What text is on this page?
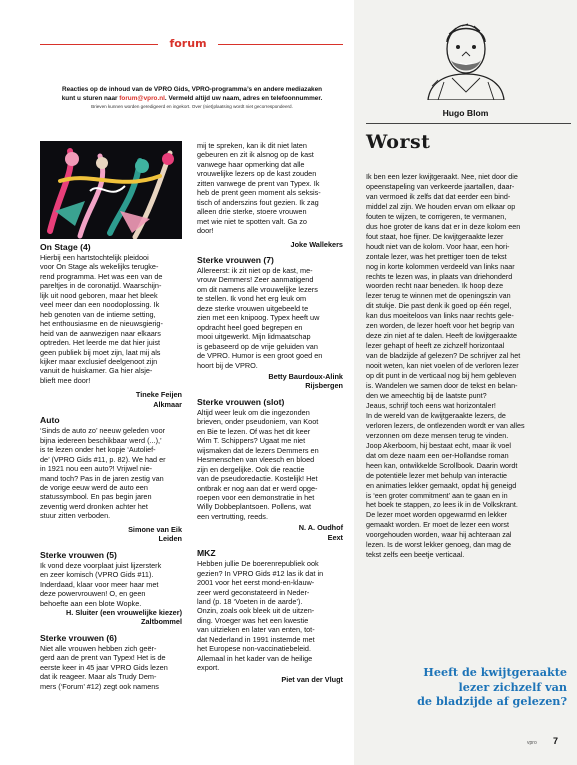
forum
Reacties op de inhoud van de VPRO Gids, VPRO-programma’s en andere mediazaken
kunt u sturen naar forum@vpro.nl. Vermeld altijd uw naam, adres en telefoonnummer.
Brieven kunnen worden geredigeerd en ingekort. Over (niet)plaatsing wordt niet gecorrespondeerd.
On Stage (4)

Hierbij een hartstochtelijk pleidooi

voor On Stage als wekelijks terugke-

rend programma. Het was een van de

pareltjes in de coronatijd. Waarschijn-

lijk uit nood geboren, maar het bleek

veel meer dan een noodoplossing. Ik

heb genoten van de intieme setting,

het enthousiasme en de nieuwsgierig-

heid van de aanwezigen naar elkaars

optreden. Het leerde me dat hier juist

geen publiek bij moet zijn, laat mij als

kijker maar exclusief deelgenoot zijn

vanuit de huiskamer. Ga hier alsje-

blieft mee door!

Tineke Feijen

Alkmaar

Auto

‘Sinds de auto zo’ neeuw geleden voor

bijna iedereen beschikbaar werd (...),’

is te lezen onder het kopje ‘Autolief-

de’ (VPRO Gids #11, p. 82). We had er

in 1921 nou een auto?! Vrijwel nie-

mand toch? Pas in de jaren zestig van

de vorige eeuw werd de auto een

statussymbool. En pas begin jaren

zeventig werd dronken achter het

stuur zitten verboden.

Simone van Eik

Leiden

Sterke vrouwen (5)

Ik vond deze voorplaat juist lijzersterk

en zeer komisch (VPRO Gids #11).

Inderdaad, klaar voor meer haar met

deze powervrouwen! O, en geen

behoefte aan een blote Wopke.

H. Sluiter (een vrouwelijke kiezer)

Zaltbommel

Sterke vrouwen (6)

Niet alle vrouwen hebben zich geër-

gerd aan de prent van Typex! Het is de

eerste keer in 45 jaar VPRO Gids lezen

dat ik reageer. Maar als Trudy Dem-

mers (‘Forum’ #12) zegt ook namens

mij te spreken, kan ik dit niet laten

gebeuren en zit ik alsnog op de kast

vanwege haar opmerking dat alle

vrouwelijke lezers op de kast zouden

zitten vanwege de prent van Typex. Ik

heb de prent geen moment als seksis-

tisch of anderszins fout gezien. Ik zag

alleen drie sterke, stoere vrouwen

met wie niet te spotten valt. Ga zo

door!

Joke Wallekers

Sterke vrouwen (7)

Allereerst: ik zit niet op de kast, me-

vrouw Demmers! Zeer aanmatigend

om dit namens alle vrouwelijke lezers

te stellen. Ik vond het erg leuk om

deze sterke vrouwen uitgebeeld te

zien met een knipoog. Typex heeft uw

opdracht heel goed begrepen en

mooi uitgewerkt. Mijn lidmaatschap

is gebaseerd op de vrije geluiden van

de VPRO. Humor is een groot goed en

hoort bij de VPRO.

Betty Baurdoux-Alink

Rijsbergen

Sterke vrouwen (slot)

Altijd weer leuk om die ingezonden

brieven, onder pseudoniem, van Koot

en Bie te lezen. Of was het dit keer

Wim T. Schippers? Ugaat me niet

wijsmaken dat de lezers Demmers en

Hesmenschen van vleesch en bloed

zijn en dergelijke. Ook die reactie

van de pseudoredactie. Kostelijk! Het

ontbrak er nog aan dat er werd opge-

roepen voor een demonstratie in het

Willy Dobbeplantsoen. Pollens, wat

een vertrutting, reeds.

N. A. Oudhof

Eext

MKZ

Hebben jullie De boerenrepubliek ook

gezien? In VPRO Gids #12 las ik dat in

2001 voor het eerst mond-en-klauw-

zeer werd geconstateerd in Neder-

land (p. 18 ‘Voeten in de aarde’).

Onzin, zoals ook bleek uit de uitzen-

ding. Vroeger was het een kwestie

van uitzieken en later van enten, tot-

dat Nederland in 1991 instemde met

het Europese non-vaccinatiebeleid.

Allemaal in het kader van de heilige

export.

Piet van der Vlugt

Hugo Blom
Worst

Ik ben een lezer kwijtgeraakt. Nee, niet door die

opeenstapeling van verkeerde jaartallen, daar-

van vermoed ik zelfs dat dat eerder een bind-

middel zal zijn. We houden ervan om elkaar op

fouten te wijzen, te corrigeren, te vermanen,

dus hoe groter de kans dat er in deze kolom een

fout staat, hoe fijner. De kwijtgeraakte lezer

houdt niet van de kolom. Voor haar, een hori-

zontale lezer, was het prettiger toen de tekst

nog in korte kolommen verdeeld van links naar

rechts te lezen was, in plaats van driehonderd

woorden recht naar beneden. Ik hoop deze

lezer terug te winnen met de openingszin van

dit stukje. Die past denk ik goed op één regel,

kan dus moeiteloos van links naar rechts gele-

zen worden, de lezer hoeft voor het begrip van

deze zin niet af te dalen. Heeft de kwijtgeraakte

lezer gehapt of heeft ze zichzelf horizontaal

van de bladzijde af gelezen? De schrijver zal het

nooit weten, kan niet voelen of de verloren lezer

op dit punt in de verticaal nog bij hem gebleven

is. Wandelen we samen door de tekst en belan-

den we ameechtig bij de laatste punt?

Jeaus, schrijf toch eens wat horizontaler!

In de wereld van de kwijtgeraakte lezers, de

verloren lezers, de ontlezenden wordt er van alles

verzonnen om deze mensen terug te vinden.

Joop Akerboom, hij bestaat echt, maar ik voel

dat om deze naam een oer-Hollandse roman

heen kan, ontwikkelde Scrollbook. Daarin wordt

de potentiële lezer met behulp van interactie

en animaties lekker gemaakt, opdat hij geneigd

is ‘een groter commitment’ aan te gaan en in

het boek te stappen, zo lees ik in de Volkskrant.

De lezer moet worden opgewarmd en lekker

gemaakt worden. Er moet de lezer een worst

voorgehouden worden, waar hij achteraan zal

lezen. Is de worst lekker genoeg, dan mag de

tekst zelfs een beetje verticaal.

Heeft de kwijtgeraakte

lezer zichzelf van

de bladzijde af gelezen?

vpro 7
